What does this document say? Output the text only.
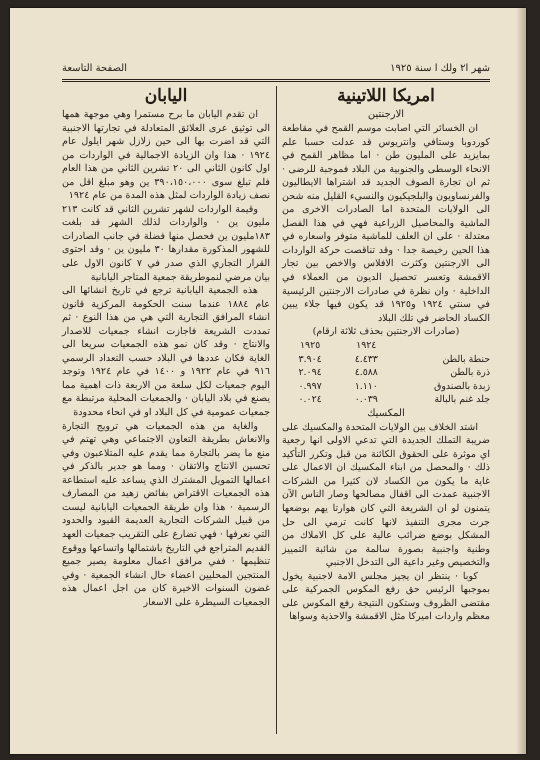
شهر ا٢ ولك ا سنة ١٩٢٥
الصفحة التاسعة
امريكا اللاتينية
الارجنتين

ان الخسائر التي اصابت موسم القمح في مقاطعة كوردوبا وستافي وانتريوس قد عدلت حسبا علم بمايزيد على المليون طن · اما مظاهر القمح في الانحاء الوسطى والجنوبية من البلاد فموجبة للرضى · ثم ان تجارة الصوف الجديد قد اشتراها الايطاليون والفرنساويون والبلجيكيون والنسيء القليل منه شحن الى الولايات المتحدة اما الصادرات الاخرى من الماشية والمحاصيل الزراعية فهي في هذا الفصل معتدلة · على ان العلف للماشية متوفر واسعاره في هذا الحين رخيصة جدا · وقد تناقصت حركة الواردات الى الارجنتين وكثرت الافلاس والاخص بين تجار الاقمشة وتعسر تحصيل الديون من العملاء في الداخلية · وان نظرة في صادرات الارجنتين الرئيسية في سنتي ١٩٢٤ و١٩٢٥ قد يكون فيها جلاء يبين الكساد الحاضر في تلك البلاد

(صادرات الارجنتين بحذف ثلاثة ارقام)
	١٩٢٤	١٩٢٥
حنطة بالطن	٤.٤٣٣	٣.٩٠٤
ذرة بالطن	٤.٥٨٨	٢.٠٩٤
زبدة بالصندوق	١.١١٠	٠.٩٩٧
جلد غنم بالبالة	٠.٠٣٩	٠.٠٢٤
المكسيك

اشتد الخلاف بين الولايات المتحدة والمكسيك على ضريبة التملك الجديدة التي تدعي الاولى انها رجعية اي موثرة على الحقوق الكائنة من قبل وتكرر التأكيد ذلك · والمحصل من ابناء المكسيك ان الاعمال على غاية ما يكون من الكساد لان كثيرا من الشركات الاجنبية عمدت الى اقفال مصالحها وصار الناس الآن يتمنون لو ان الشريعة التي كان هوارتا يهم بوضعها جرت مجرى التنفيذ لانها كانت ترمي الى حل المشكل بوضع ضرائب عالية على كل الاملاك من وطنية واجنبية بصورة سالمة من شائبة التمييز والتخصيص وغير داعية الى التدخل الاجنبي

كوبا · ينتظر ان يجيز مجلس الامة لاجنبية يخول بموجبها الرئيس حق رفع المكوس الجمركية على مقتضى الظروف وستكون النتيجة رفع المكوس على معظم واردات اميركا مثل الاقمشة والاحذية وسواها

اليابان

ان تقدم اليابان ما برح مستمرا وهي موجهة همها الى توثيق عرى العلائق المتعادلة في تجارتها الاجنبية التي قد اضرت بها الى حين زلازل شهر ايلول عام ١٩٢٤ · هذا وان الزيادة الاجمالية في الواردات من اول كانون الثاني الى ٢٠ تشرين الثاني من هذا العام فلم تبلغ سوى ٣٩٠،١٥٠،٠٠٠ ين وهو مبلغ اقل من نصف زيادة الواردات لمثل هذه المدة من عام ١٩٢٤

وقيمة الواردات لشهر تشرين الثاني قد كانت ٢١٣ مليون ين · والواردات لذلك الشهر قد بلغت ١٨٣مليون ين فحصل منها فضلة في جانب الصادرات للشهور المذكورة مقدارها ٣٠ مليون ين · وقد احتوى القرار التجاري الذي صدر في ٧ كانون الاول على بيان مرضي لنموطريقة جمعية المتاجر اليابانية

هذه الجمعية اليابانية ترجع في تاريخ انشائها الى عام ١٨٨٤ عندما سنت الحكومة المركزية قانون انشاء المرافق التجارية التي هي من هذا النوع · ثم تمددت الشريعة فاجازت انشاء جمعيات للاصدار والانتاج · وقد كان نمو هذه الجمعيات سريعا الى الغاية فكان عددها في البلاد حسب التعداد الرسمي ٩١٦ في عام ١٩٢٢ و ١٤٠٠ في عام ١٩٢٤ وتوجد اليوم جمعيات لكل سلعة من الاربعة ذات اهمية مما يصنع في بلاد اليابان · والجمعيات المحلية مرتبطة مع جمعيات عمومية في كل البلاد او في انحاء محدودة

والغاية من هذه الجمعيات هي ترويج التجارة والانعاش بطريقة التعاون الاجتماعي وهي تهتم في منع ما يضر بالتجارة مما يقدم عليه المتلاعبون وفي تحسين الانتاج والاتقان · ومما هو جدير بالذكر في اعمالها التمويل المشترك الذي يساعد عليه استطاعة هذه الجمعيات الاقتراض بفائض زهيد من المصارف الرسمية · هذا وان طريقة الجمعيات اليابانية ليست من قبيل الشركات التجارية العديمة القيود والحدود التي نعرفها · فهي تضارع على التقريب جمعيات العهد القديم المتراجع في التاريخ باشتمالها واتساعها ووقوع تنظيمها · ففي مرافق اعمال معلومة يصير جميع المنتجين المحليين اعضاء حال انشاء الجمعية · وفي غضون السنوات الاخيرة كان من اجل اعمال هذه الجمعيات السيطرة على الاسعار
